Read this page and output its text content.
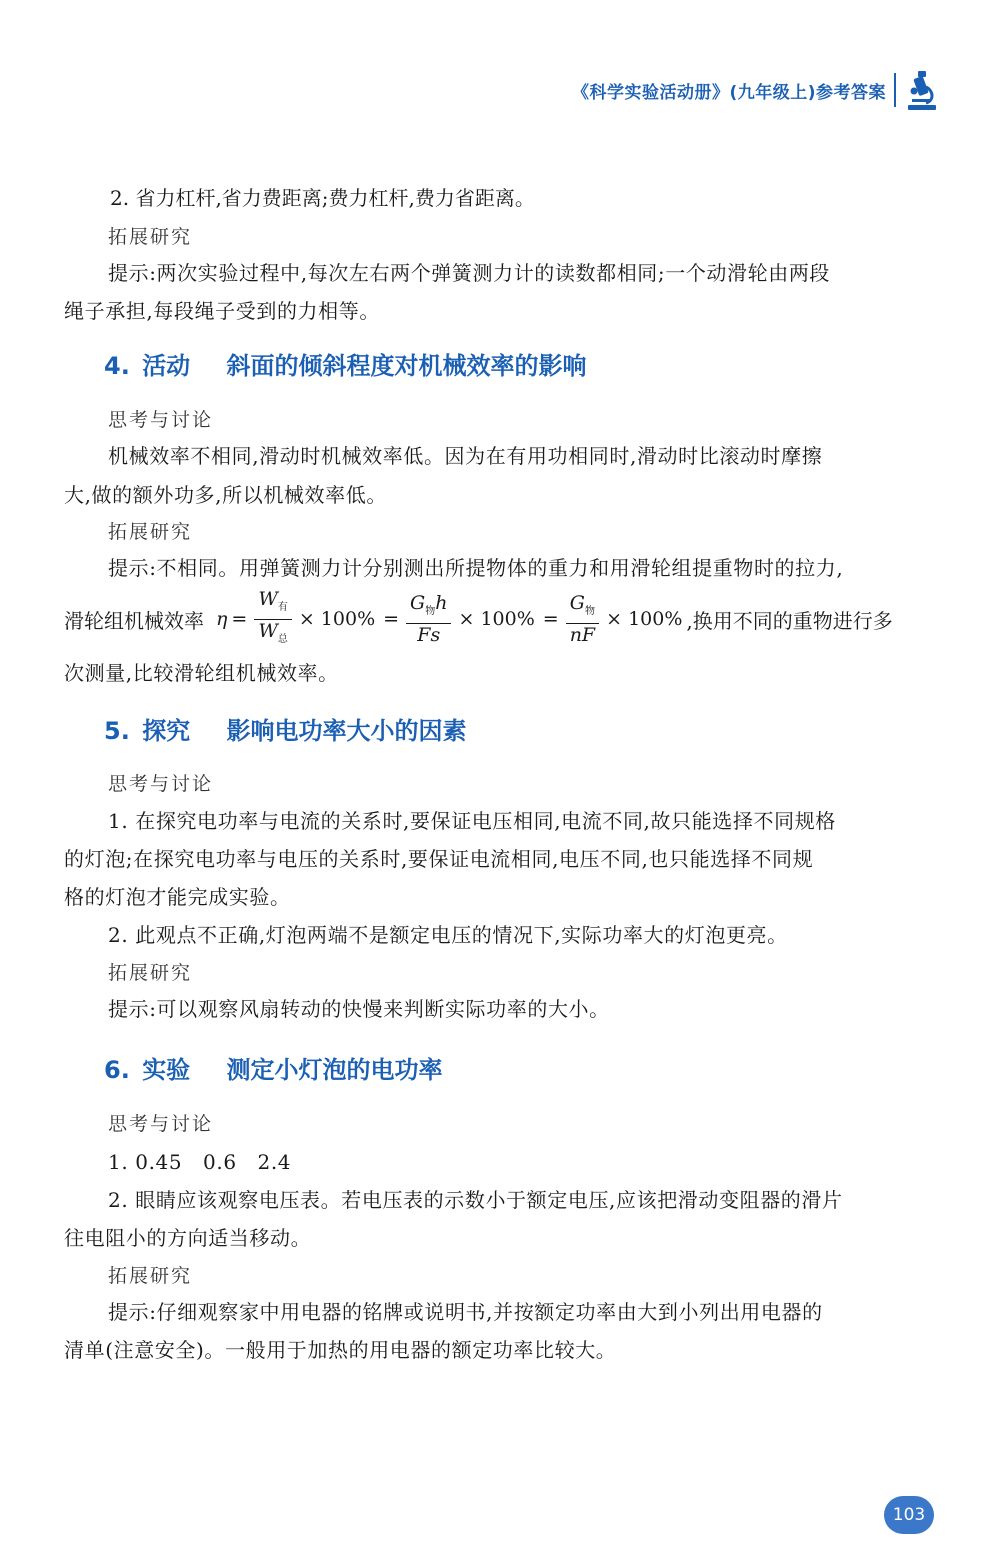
《科学实验活动册》(九年级上)参考答案
2. 省力杠杆,省力费距离;费力杠杆,费力省距离。
拓展研究
提示:两次实验过程中,每次左右两个弹簧测力计的读数都相同;一个动滑轮由两段
绳子承担,每段绳子受到的力相等。
4. 活动 斜面的倾斜程度对机械效率的影响
思考与讨论
机械效率不相同,滑动时机械效率低。因为在有用功相同时,滑动时比滚动时摩擦
大,做的额外功多,所以机械效率低。
拓展研究
提示:不相同。用弹簧测力计分别测出所提物体的重力和用滑轮组提重物时的拉力,
滑轮组机械效率 $\eta = \frac{W_有}{W_总} \times 100\% = \frac{G_物h}{Fs} \times 100\% = \frac{G_物}{nF} \times 100\%$ ,换用不同的重物进行多
次测量,比较滑轮组机械效率。
5. 探究 影响电功率大小的因素
思考与讨论
1. 在探究电功率与电流的关系时,要保证电压相同,电流不同,故只能选择不同规格
的灯泡;在探究电功率与电压的关系时,要保证电流相同,电压不同,也只能选择不同规
格的灯泡才能完成实验。
2. 此观点不正确,灯泡两端不是额定电压的情况下,实际功率大的灯泡更亮。
拓展研究
提示:可以观察风扇转动的快慢来判断实际功率的大小。
6. 实验 测定小灯泡的电功率
思考与讨论
1. 0.45   0.6   2.4
2. 眼睛应该观察电压表。若电压表的示数小于额定电压,应该把滑动变阻器的滑片
往电阻小的方向适当移动。
拓展研究
提示:仔细观察家中用电器的铭牌或说明书,并按额定功率由大到小列出用电器的
清单(注意安全)。一般用于加热的用电器的额定功率比较大。
103
